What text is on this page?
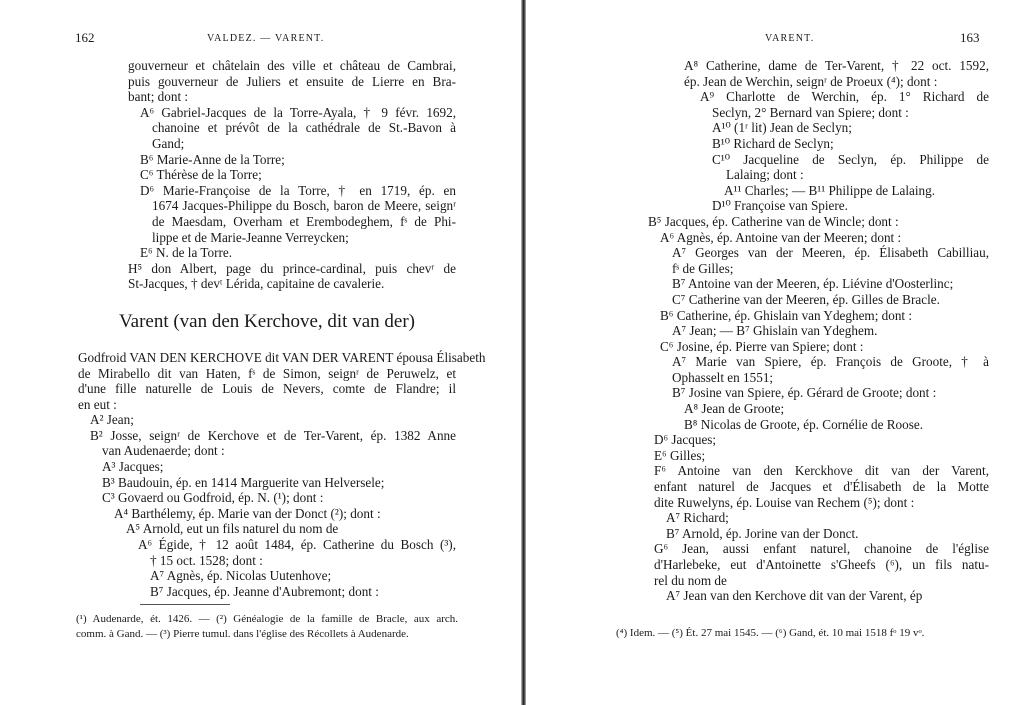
162	VALDEZ. — VARENT.
gouverneur et châtelain des ville et château de Cambrai,
puis gouverneur de Juliers et ensuite de Lierre en Bra-
bant; dont :
A⁶ Gabriel-Jacques de la Torre-Ayala, † 9 févr. 1692,
chanoine et prévôt de la cathédrale de St.-Bavon à
Gand;
B⁶ Marie-Anne de la Torre;
C⁶ Thérèse de la Torre;
D⁶ Marie-Françoise de la Torre, † en 1719, ép. en
1674 Jacques-Philippe du Bosch, baron de Meere, seignʳ
de Maesdam, Overham et Erembodeghem, fˢ de Phi-
lippe et de Marie-Jeanne Verreycken;
E⁶ N. de la Torre.
H⁵ don Albert, page du prince-cardinal, puis chevʳ de
St-Jacques, † devᵗ Lérida, capitaine de cavalerie.
Varent (van den Kerchove, dit van der)
Godfroid VAN DEN KERCHOVE dit VAN DER VARENT épousa Élisabeth
de Mirabello dit van Haten, fˢ de Simon, seignʳ de Peruwelz, et
d'une fille naturelle de Louis de Nevers, comte de Flandre; il
en eut :
A² Jean;
B² Josse, seignʳ de Kerchove et de Ter-Varent, ép. 1382 Anne
van Audenaerde; dont :
A³ Jacques;
B³ Baudouin, ép. en 1414 Marguerite van Helversele;
C³ Govaerd ou Godfroid, ép. N. (¹); dont :
A⁴ Barthélemy, ép. Marie van der Donct (²); dont :
A⁵ Arnold, eut un fils naturel du nom de
A⁶ Égide, † 12 août 1484, ép. Catherine du Bosch (³),
† 15 oct. 1528; dont :
A⁷ Agnès, ép. Nicolas Uutenhove;
B⁷ Jacques, ép. Jeanne d'Aubremont; dont :
(¹) Audenarde, ét. 1426. — (²) Généalogie de la famille de Bracle, aux arch.
comm. à Gand. — (³) Pierre tumul. dans l'église des Récollets à Audenarde.
VARENT.	163
A⁸ Catherine, dame de Ter-Varent, † 22 oct. 1592,
ép. Jean de Werchin, seignʳ de Proeux (⁴); dont :
A⁹ Charlotte de Werchin, ép. 1° Richard de
Seclyn, 2° Bernard van Spiere; dont :
A¹⁰ (1ʳ lit) Jean de Seclyn;
B¹⁰ Richard de Seclyn;
C¹⁰ Jacqueline de Seclyn, ép. Philippe de
Lalaing; dont :
A¹¹ Charles; — B¹¹ Philippe de Lalaing.
D¹⁰ Françoise van Spiere.
B⁵ Jacques, ép. Catherine van de Wincle; dont :
A⁶ Agnès, ép. Antoine van der Meeren; dont :
A⁷ Georges van der Meeren, ép. Élisabeth Cabilliau,
fˢ de Gilles;
B⁷ Antoine van der Meeren, ép. Liévine d'Oosterlinc;
C⁷ Catherine van der Meeren, ép. Gilles de Bracle.
B⁶ Catherine, ép. Ghislain van Ydeghem; dont :
A⁷ Jean; — B⁷ Ghislain van Ydeghem.
C⁶ Josine, ép. Pierre van Spiere; dont :
A⁷ Marie van Spiere, ép. François de Groote, † à
Ophasselt en 1551;
B⁷ Josine van Spiere, ép. Gérard de Groote; dont :
A⁸ Jean de Groote;
B⁸ Nicolas de Groote, ép. Cornélie de Roose.
D⁶ Jacques;
E⁶ Gilles;
F⁶ Antoine van den Kerckhove dit van der Varent,
enfant naturel de Jacques et d'Élisabeth de la Motte
dite Ruwelyns, ép. Louise van Rechem (⁵); dont :
A⁷ Richard;
B⁷ Arnold, ép. Jorine van der Donct.
G⁶ Jean, aussi enfant naturel, chanoine de l'église
d'Harlebeke, eut d'Antoinette s'Gheefs (⁶), un fils natu-
rel du nom de
A⁷ Jean van den Kerchove dit van der Varent, ép
(⁴) Idem. — (⁵) Ét. 27 mai 1545. — (⁶) Gand, ét. 10 mai 1518 fᵒ 19 vᵒ.
